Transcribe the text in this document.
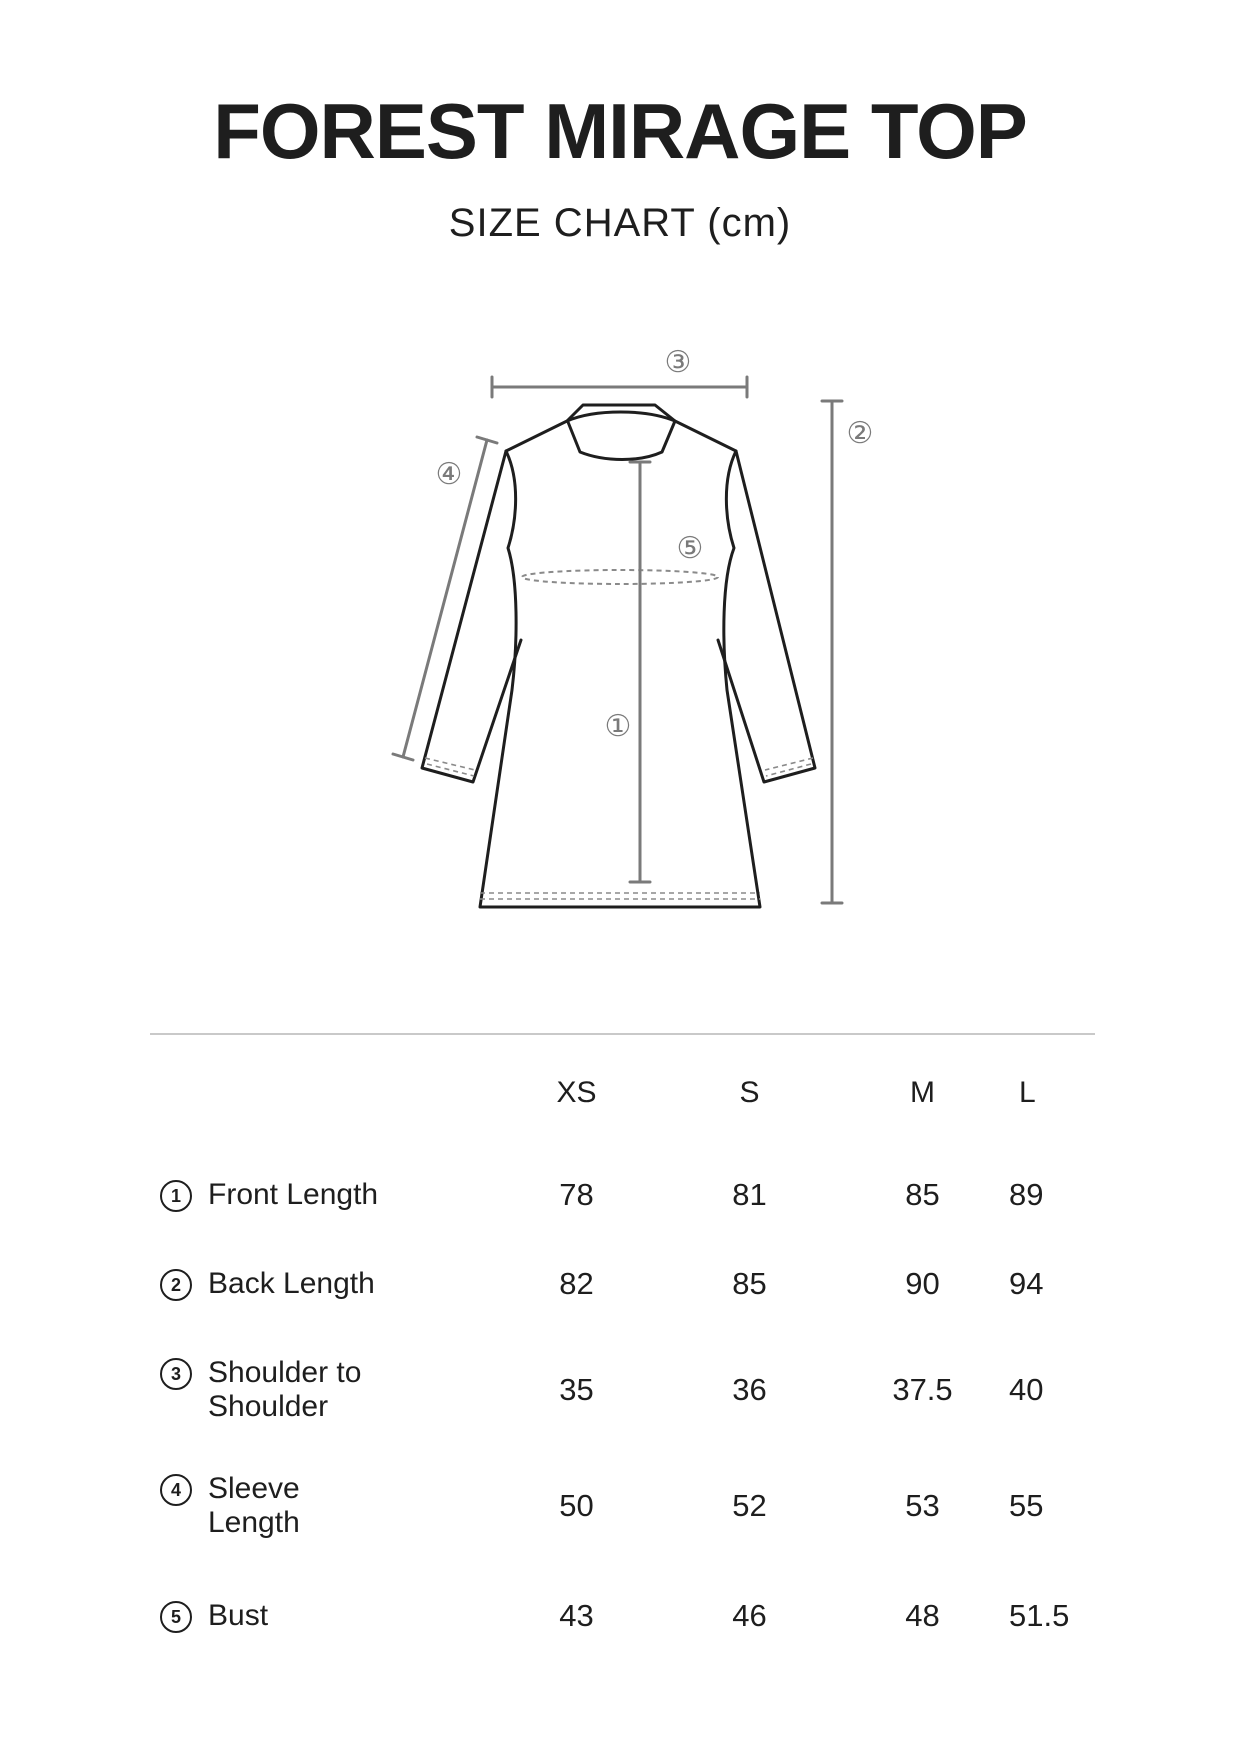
FOREST MIRAGE TOP
SIZE CHART (cm)
③
②
④
⑤
①
	XS	S	M	L

1 Front Length	78	81	85	89

2 Back Length	82	85	90	94

3 Shoulder to Shoulder	35	36	37.5	40

4 Sleeve Length	50	52	53	55

5 Bust	43	46	48	51.5
